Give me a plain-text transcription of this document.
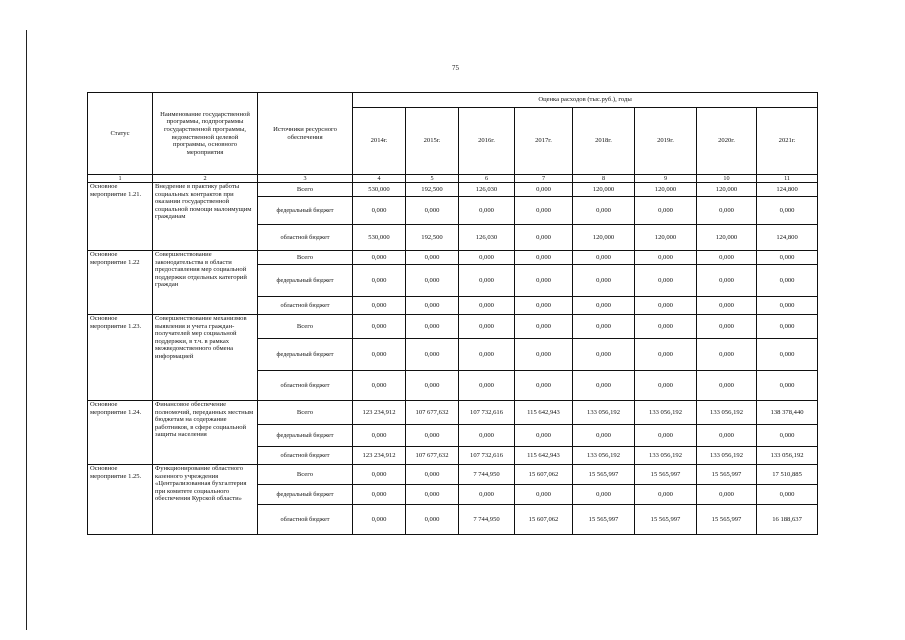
75
Статус	Наименование государственной программы, подпрограммы государственной программы, ведомственной целевой программы, основного мероприятия	Источники ресурсного обеспечения	Оценка расходов (тыс.руб.), годы							
			2014г.	2015г.	2016г.	2017г.	2018г.	2019г.	2020г.	2021г.
1	2	3	4	5	6	7	8	9	10	11
Основное мероприятие 1.21.	Внедрение в практику работы социальных контрактов при оказании государственной социальной помощи малоимущим гражданам	Всего	530,000	192,500	126,030	0,000	120,000	120,000	120,000	124,800
		федеральный бюджет	0,000	0,000	0,000	0,000	0,000	0,000	0,000	0,000
		областной бюджет	530,000	192,500	126,030	0,000	120,000	120,000	120,000	124,800
Основное мероприятие 1.22	Совершенствование законодательства в области предоставления мер социальной поддержки отдельных категорий граждан	Всего	0,000	0,000	0,000	0,000	0,000	0,000	0,000	0,000
		федеральный бюджет	0,000	0,000	0,000	0,000	0,000	0,000	0,000	0,000
		областной бюджет	0,000	0,000	0,000	0,000	0,000	0,000	0,000	0,000
Основное мероприятие 1.23.	Совершенствование механизмов выявления и учета граждан-получателей мер социальной поддержки, в т.ч. в рамках межведомственного обмена информацией	Всего	0,000	0,000	0,000	0,000	0,000	0,000	0,000	0,000
		федеральный бюджет	0,000	0,000	0,000	0,000	0,000	0,000	0,000	0,000
		областной бюджет	0,000	0,000	0,000	0,000	0,000	0,000	0,000	0,000
Основное мероприятие 1.24.	Финансовое обеспечение полномочий, переданных местным бюджетам на содержание работников, в сфере социальной защиты населения	Всего	123 234,912	107 677,632	107 732,616	115 642,943	133 056,192	133 056,192	133 056,192	138 378,440
		федеральный бюджет	0,000	0,000	0,000	0,000	0,000	0,000	0,000	0,000
		областной бюджет	123 234,912	107 677,632	107 732,616	115 642,943	133 056,192	133 056,192	133 056,192	133 056,192
Основное мероприятие 1.25.	Функционирование областного казенного учреждения «Централизованная бухгалтерия при комитете социального обеспечения Курской области»	Всего	0,000	0,000	7 744,950	15 607,062	15 565,997	15 565,997	15 565,997	17 510,885
		федеральный бюджет	0,000	0,000	0,000	0,000	0,000	0,000	0,000	0,000
		областной бюджет	0,000	0,000	7 744,950	15 607,062	15 565,997	15 565,997	15 565,997	16 188,637
